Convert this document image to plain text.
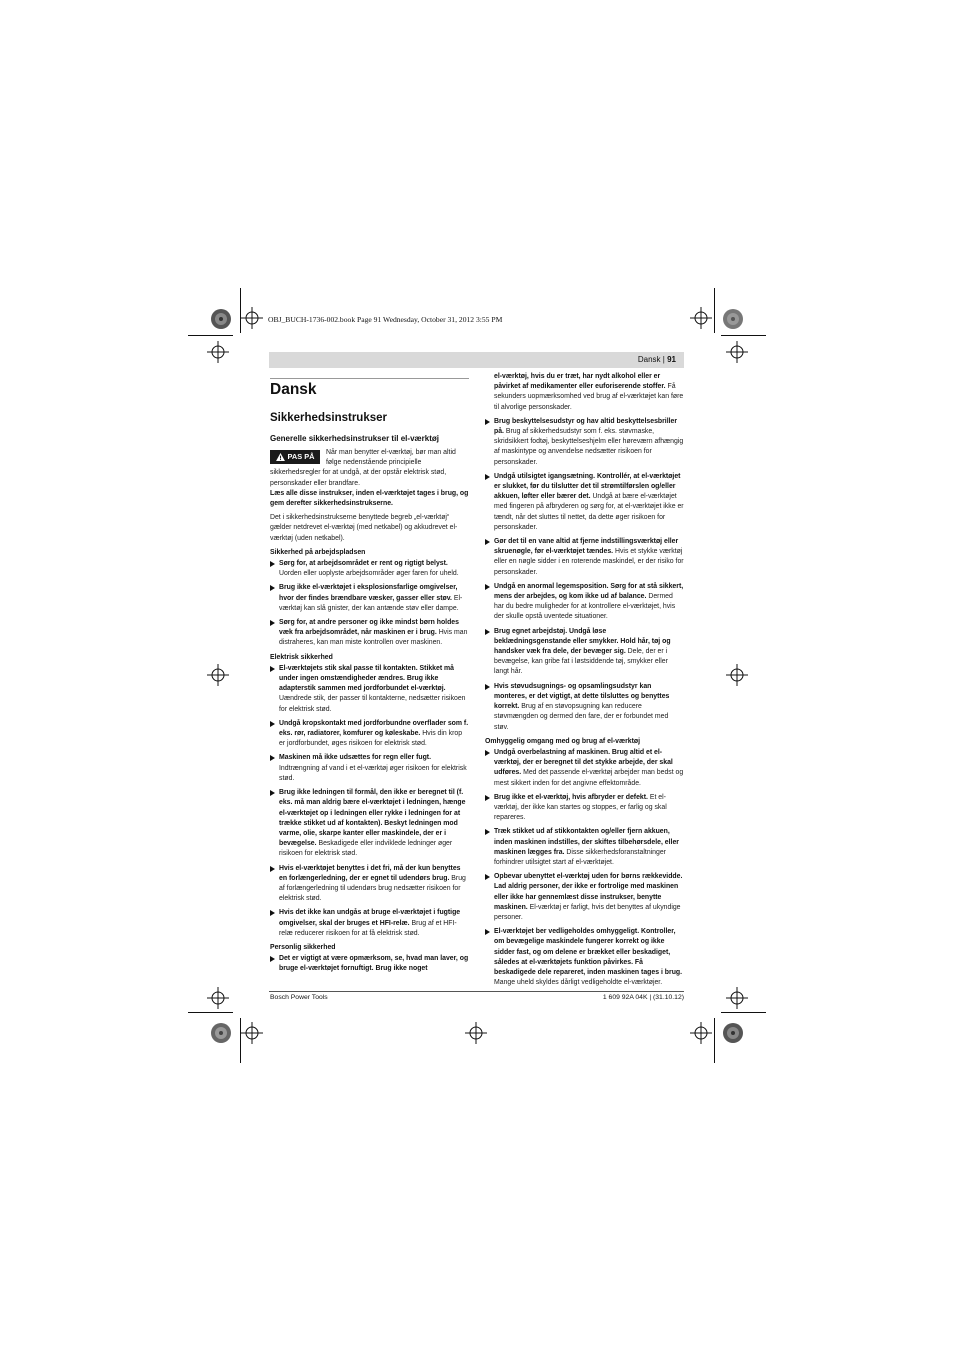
OBJ_BUCH-1736-002.book Page 91 Wednesday, October 31, 2012 3:55 PM
Dansk | 91
Dansk
Sikkerhedsinstrukser
Generelle sikkerhedsinstrukser til el-værktøj
PAS PÅ Når man benytter el-værktøj, bør man altid følge nedenstående principielle sikkerhedsregler for at undgå, at der opstår elektrisk stød, personskader eller brandfare.

Læs alle disse instrukser, inden el-værktøjet tages i brug, og gem derefter sikkerhedsinstrukserne.

Det i sikkerhedsinstrukserne benyttede begreb „el-værktøj“ gælder netdrevet el-værktøj (med netkabel) og akkudrevet el-værktøj (uden netkabel).

Sikkerhed på arbejdspladsen
Sørg for, at arbejdsområdet er rent og rigtigt belyst. Uorden eller uoplyste arbejdsområder øger faren for uheld.
Brug ikke el-værktøjet i eksplosionsfarlige omgivelser, hvor der findes brændbare væsker, gasser eller støv. El-værktøj kan slå gnister, der kan antænde støv eller dampe.
Sørg for, at andre personer og ikke mindst børn holdes væk fra arbejdsområdet, når maskinen er i brug. Hvis man distraheres, kan man miste kontrollen over maskinen.
Elektrisk sikkerhed
El-værktøjets stik skal passe til kontakten. Stikket må under ingen omstændigheder ændres. Brug ikke adapterstik sammen med jordforbundet el-værktøj. Uændrede stik, der passer til kontakterne, nedsætter risikoen for elektrisk stød.
Undgå kropskontakt med jordforbundne overflader som f. eks. rør, radiatorer, komfurer og køleskabe. Hvis din krop er jordforbundet, øges risikoen for elektrisk stød.
Maskinen må ikke udsættes for regn eller fugt. Indtrængning af vand i et el-værktøj øger risikoen for elektrisk stød.
Brug ikke ledningen til formål, den ikke er beregnet til (f. eks. må man aldrig bære el-værktøjet i ledningen, hænge el-værktøjet op i ledningen eller rykke i ledningen for at trække stikket ud af kontakten). Beskyt ledningen mod varme, olie, skarpe kanter eller maskindele, der er i bevægelse. Beskadigede eller indviklede ledninger øger risikoen for elektrisk stød.
Hvis el-værktøjet benyttes i det fri, må der kun benyttes en forlængerledning, der er egnet til udendørs brug. Brug af forlængerledning til udendørs brug nedsætter risikoen for elektrisk stød.
Hvis det ikke kan undgås at bruge el-værktøjet i fugtige omgivelser, skal der bruges et HFI-relæ. Brug af et HFI-relæ reducerer risikoen for at få elektrisk stød.
Personlig sikkerhed
Det er vigtigt at være opmærksom, se, hvad man laver, og bruge el-værktøjet fornuftigt. Brug ikke noget
el-værktøj, hvis du er træt, har nydt alkohol eller er påvirket af medikamenter eller euforiserende stoffer. Få sekunders uopmærksomhed ved brug af el-værktøjet kan føre til alvorlige personskader.
Brug beskyttelsesudstyr og hav altid beskyttelsesbriller på. Brug af sikkerhedsudstyr som f. eks. støvmaske, skridsikkert fodtøj, beskyttelseshjelm eller høreværn afhængig af maskintype og anvendelse nedsætter risikoen for personskader.
Undgå utilsigtet igangsætning. Kontrollér, at el-værktøjet er slukket, før du tilslutter det til strømtilførslen og/eller akkuen, løfter eller bærer det. Undgå at bære el-værktøjet med fingeren på afbryderen og sørg for, at el-værktøjet ikke er tændt, når det sluttes til nettet, da dette øger risikoen for personskader.
Gør det til en vane altid at fjerne indstillingsværktøj eller skruenøgle, før el-værktøjet tændes. Hvis et stykke værktøj eller en nøgle sidder i en roterende maskindel, er der risiko for personskader.
Undgå en anormal legemsposition. Sørg for at stå sikkert, mens der arbejdes, og kom ikke ud af balance. Dermed har du bedre muligheder for at kontrollere el-værktøjet, hvis der skulle opstå uventede situationer.
Brug egnet arbejdstøj. Undgå løse beklædningsgenstande eller smykker. Hold hår, tøj og handsker væk fra dele, der bevæger sig. Dele, der er i bevægelse, kan gribe fat i løstsiddende tøj, smykker eller langt hår.
Hvis støvudsugnings- og opsamlingsudstyr kan monteres, er det vigtigt, at dette tilsluttes og benyttes korrekt. Brug af en støvopsugning kan reducere støvmængden og dermed den fare, der er forbundet med støv.
Omhyggelig omgang med og brug af el-værktøj
Undgå overbelastning af maskinen. Brug altid et el-værktøj, der er beregnet til det stykke arbejde, der skal udføres. Med det passende el-værktøj arbejder man bedst og mest sikkert inden for det angivne effektområde.
Brug ikke et el-værktøj, hvis afbryder er defekt. Et el-værktøj, der ikke kan startes og stoppes, er farlig og skal repareres.
Træk stikket ud af stikkontakten og/eller fjern akkuen, inden maskinen indstilles, der skiftes tilbehørsdele, eller maskinen lægges fra. Disse sikkerhedsforanstaltninger forhindrer utilsigtet start af el-værktøjet.
Opbevar ubenyttet el-værktøj uden for børns rækkevidde. Lad aldrig personer, der ikke er fortrolige med maskinen eller ikke har gennemlæst disse instrukser, benytte maskinen. El-værktøj er farligt, hvis det benyttes af ukyndige personer.
El-værktøjet ber vedligeholdes omhyggeligt. Kontroller, om bevægelige maskindele fungerer korrekt og ikke sidder fast, og om delene er brækket eller beskadiget, således at el-værktøjets funktion påvirkes. Få beskadigede dele repareret, inden maskinen tages i brug. Mange uheld skyldes dårligt vedligeholdte el-værktøjer.
Bosch Power Tools	1 609 92A 04K | (31.10.12)
